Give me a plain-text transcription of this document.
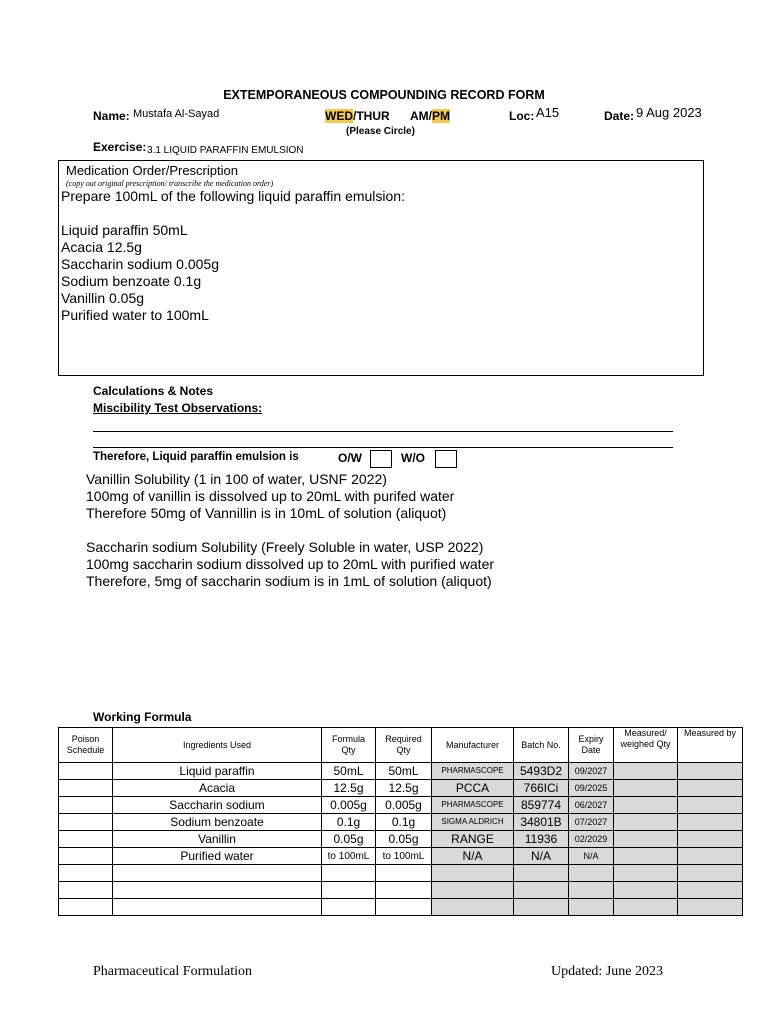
EXTEMPORANEOUS COMPOUNDING RECORD FORM
Name: Mustafa Al-Sayad	WED/THUR AM/PM
(Please Circle)
Loc: A15	Date: 9 Aug 2023
Exercise: 3.1 LIQUID PARAFFIN EMULSION
Medication Order/Prescription
(copy out original prescription/ transcribe the medication order)
Prepare 100mL of the following liquid paraffin emulsion:

Liquid paraffin 50mL
Acacia 12.5g
Saccharin sodium 0.005g
Sodium benzoate 0.1g
Vanillin 0.05g
Purified water to 100mL
Calculations & Notes
Miscibility Test Observations:
Therefore, Liquid paraffin emulsion is	O/W	W/O
Vanillin Solubility (1 in 100 of water, USNF 2022)
100mg of vanillin is dissolved up to 20mL with purifed water
Therefore 50mg of Vannillin is in 10mL of solution (aliquot)

Saccharin sodium Solubility (Freely Soluble in water, USP 2022)
100mg saccharin sodium dissolved up to 20mL with purified water
Therefore, 5mg of saccharin sodium is in 1mL of solution (aliquot)
Working Formula
Poison Schedule	Ingredients Used	Formula Qty	Required Qty	Manufacturer	Batch No.	Expiry Date	Measured/ weighed Qty	Measured by
	Liquid paraffin	50mL	50mL	PHARMASCOPE	5493D2	09/2027		
	Acacia	12.5g	12.5g	PCCA	766ICi	09/2025		
	Saccharin sodium	0.005g	0.005g	PHARMASCOPE	859774	06/2027		
	Sodium benzoate	0.1g	0.1g	SIGMA ALDRICH	34801B	07/2027		
	Vanillin	0.05g	0.05g	RANGE	11936	02/2029		
	Purified water	to 100mL	to 100mL	N/A	N/A	N/A		

Pharmaceutical Formulation	Updated: June 2023
